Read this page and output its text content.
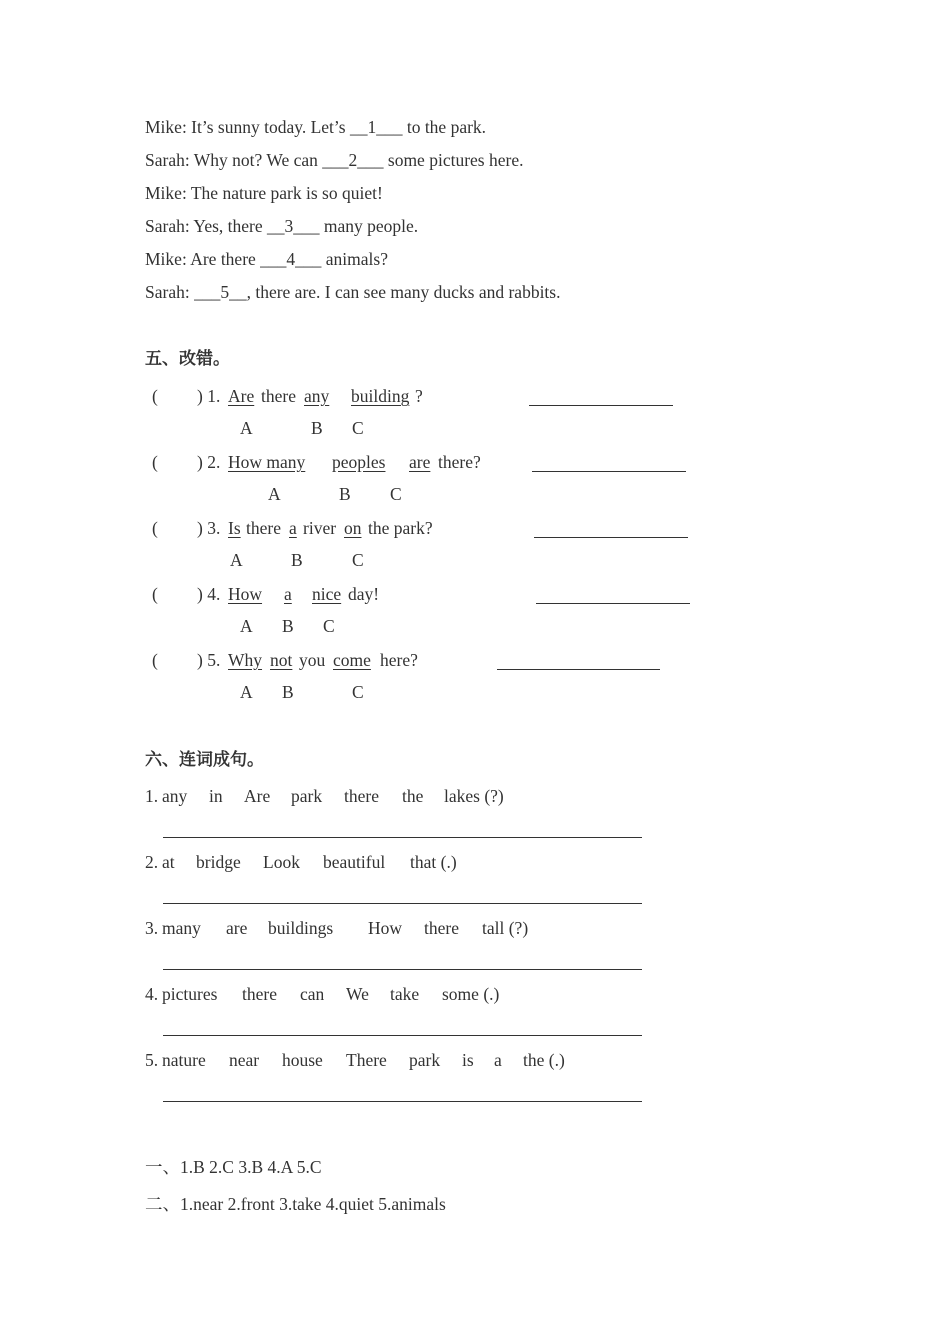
Mike: It’s sunny today. Let’s __1___ to the park.
Sarah: Why not? We can ___2___ some pictures here.
Mike: The nature park is so quiet!
Sarah: Yes, there __3___ many people.
Mike: Are there ___4___ animals?
Sarah: ___5__, there are. I can see many ducks and rabbits.
五、改错。
( ) 1. Are there any building ?
A	B C
( ) 2. How many peoples are there?
A	B C
( ) 3. Is there a river on the park?
A	B	C
( ) 4. How a nice day!
A B C
( ) 5. Why not you come here?
A B	C
六、连词成句。
1. any in Are park there the lakes (?)
2. at bridge Look beautiful that (.)
3. many are buildings How there tall (?)
4. pictures there can We take some (.)
5. nature near house There park is a the (.)
一、1.B 2.C 3.B 4.A 5.C
二、1.near 2.front 3.take 4.quiet 5.animals
